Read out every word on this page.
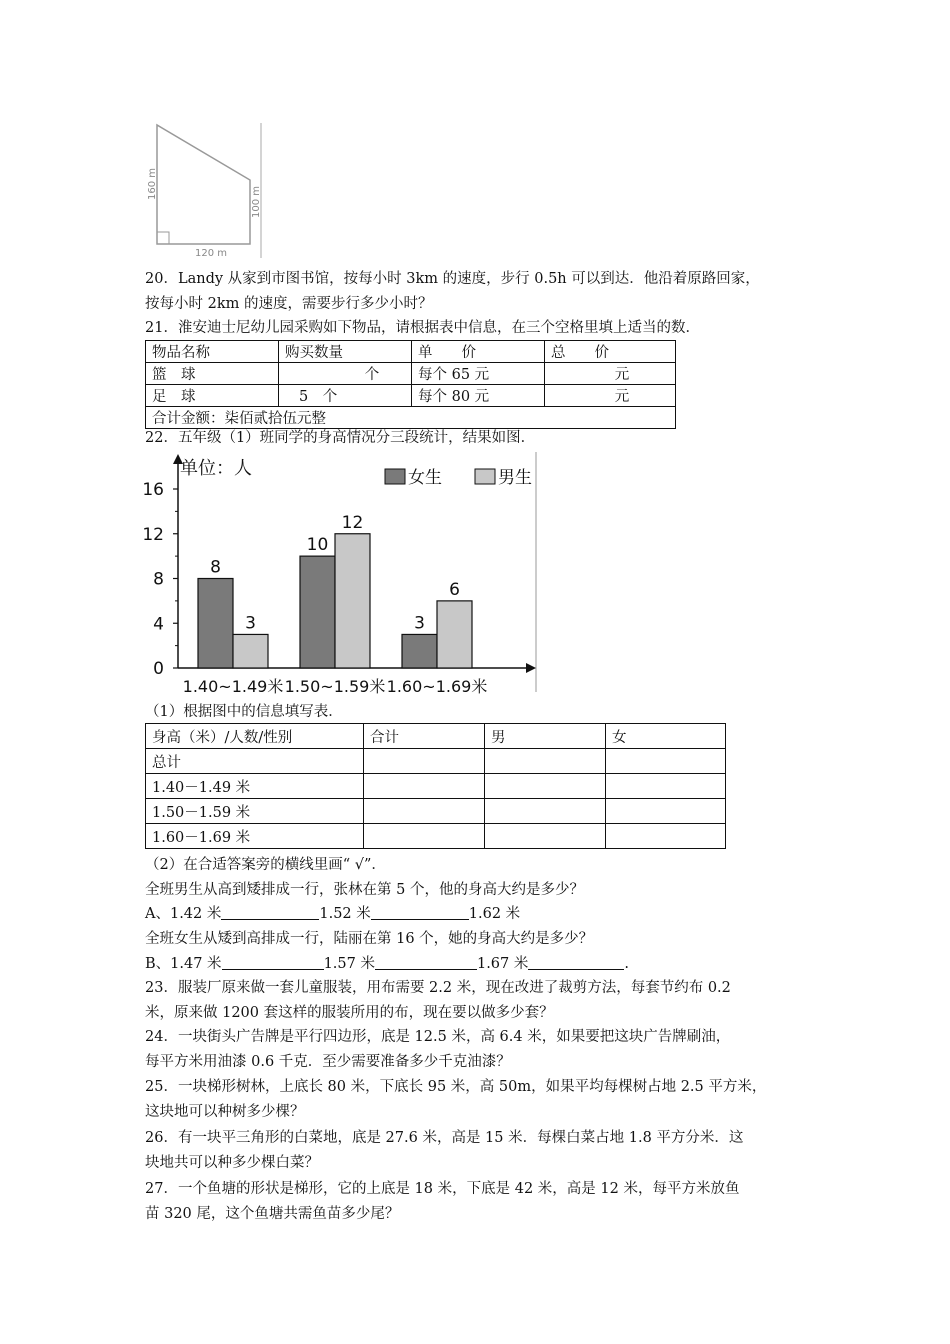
160 m
100 m
120 m
20．Landy 从家到市图书馆，按每小时 3km 的速度，步行 0.5h 可以到达．他沿着原路回家，
按每小时 2km 的速度，需要步行多少小时？
21．淮安迪士尼幼儿园采购如下物品，请根据表中信息，在三个空格里填上适当的数．
物品名称	购买数量	单　　价	总　　价
篮　球	个	每个 65 元	元
足　球	5　个	每个 80 元	元
合计金额：柒佰贰拾伍元整			
22．五年级（1）班同学的身高情况分三段统计，结果如图．
单位：人	女生	男生
0
4
8
12
16
8
3
10
12
3
6
1.40~1.49米 1.50~1.59米 1.60~1.69米
（1）根据图中的信息填写表．
身高（米）/人数/性别	合计	男	女
总计			
1.40－1.49 米			
1.50－1.59 米			
1.60－1.69 米			
（2）在合适答案旁的横线里画“ √”．
全班男生从高到矮排成一行，张林在第 5 个，他的身高大约是多少？
A、1.42 米	1.52 米	1.62 米
全班女生从矮到高排成一行，陆丽在第 16 个，她的身高大约是多少？
B、1.47 米	1.57 米	1.67 米	.
23．服装厂原来做一套儿童服装，用布需要 2.2 米，现在改进了裁剪方法，每套节约布 0.2
米，原来做 1200 套这样的服装所用的布，现在要以做多少套？
24．一块街头广告牌是平行四边形，底是 12.5 米，高 6.4 米，如果要把这块广告牌刷油，
每平方米用油漆 0.6 千克．至少需要准备多少千克油漆？
25．一块梯形树林，上底长 80 米，下底长 95 米，高 50m，如果平均每棵树占地 2.5 平方米，
这块地可以种树多少棵？
26．有一块平三角形的白菜地，底是 27.6 米，高是 15 米．每棵白菜占地 1.8 平方分米．这
块地共可以种多少棵白菜？
27．一个鱼塘的形状是梯形，它的上底是 18 米，下底是 42 米，高是 12 米，每平方米放鱼
苗 320 尾，这个鱼塘共需鱼苗多少尾？
